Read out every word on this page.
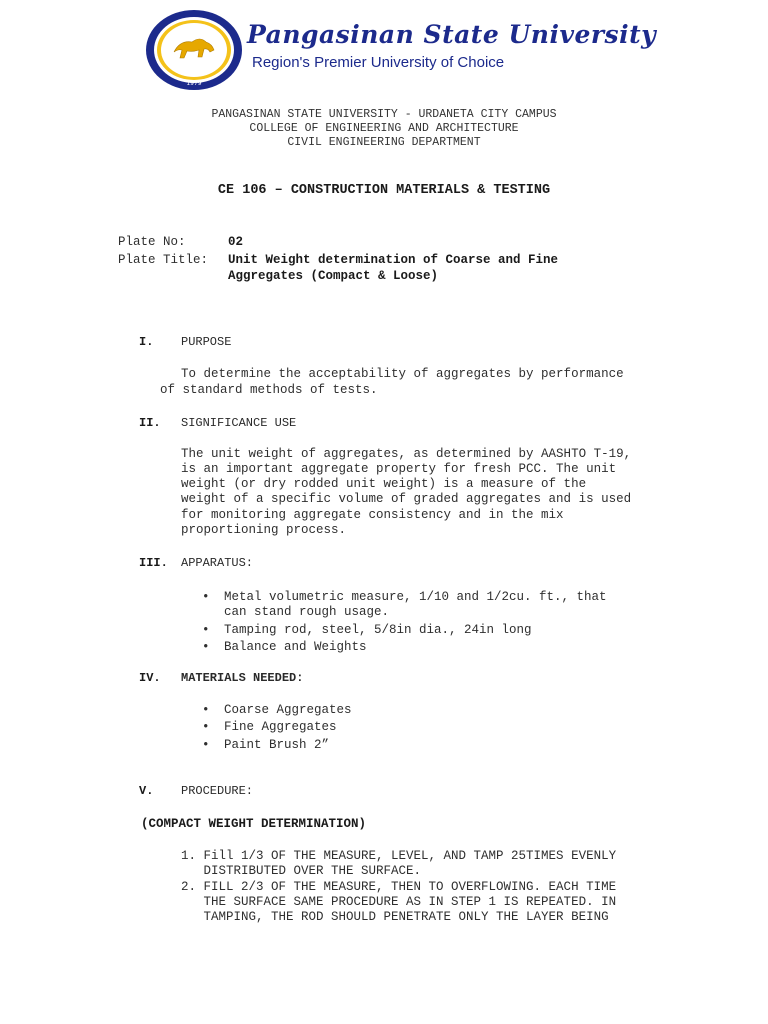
1979
Pangasinan State University
Region's Premier University of Choice
PANGASINAN STATE UNIVERSITY - URDANETA CITY CAMPUS
COLLEGE OF ENGINEERING AND ARCHITECTURE
CIVIL ENGINEERING DEPARTMENT
CE 106 – CONSTRUCTION MATERIALS & TESTING
Plate No:	02
Plate Title: Unit Weight determination of Coarse and Fine
Aggregates (Compact & Loose)
I. PURPOSE
To determine the acceptability of aggregates by performance
of standard methods of tests.
II. SIGNIFICANCE USE
The unit weight of aggregates, as determined by AASHTO T-19,
is an important aggregate property for fresh PCC. The unit
weight (or dry rodded unit weight) is a measure of the
weight of a specific volume of graded aggregates and is used
for monitoring aggregate consistency and in the mix
proportioning process.
III. APPARATUS:
• Metal volumetric measure, 1/10 and 1/2cu. ft., that
can stand rough usage.
• Tamping rod, steel, 5/8in dia., 24in long
• Balance and Weights
IV. MATERIALS NEEDED:
• Coarse Aggregates
• Fine Aggregates
• Paint Brush 2”
V. PROCEDURE:
(COMPACT WEIGHT DETERMINATION)
1. Fill 1/3 OF THE MEASURE, LEVEL, AND TAMP 25TIMES EVENLY
DISTRIBUTED OVER THE SURFACE.
2. FILL 2/3 OF THE MEASURE, THEN TO OVERFLOWING. EACH TIME
THE SURFACE SAME PROCEDURE AS IN STEP 1 IS REPEATED. IN
TAMPING, THE ROD SHOULD PENETRATE ONLY THE LAYER BEING
